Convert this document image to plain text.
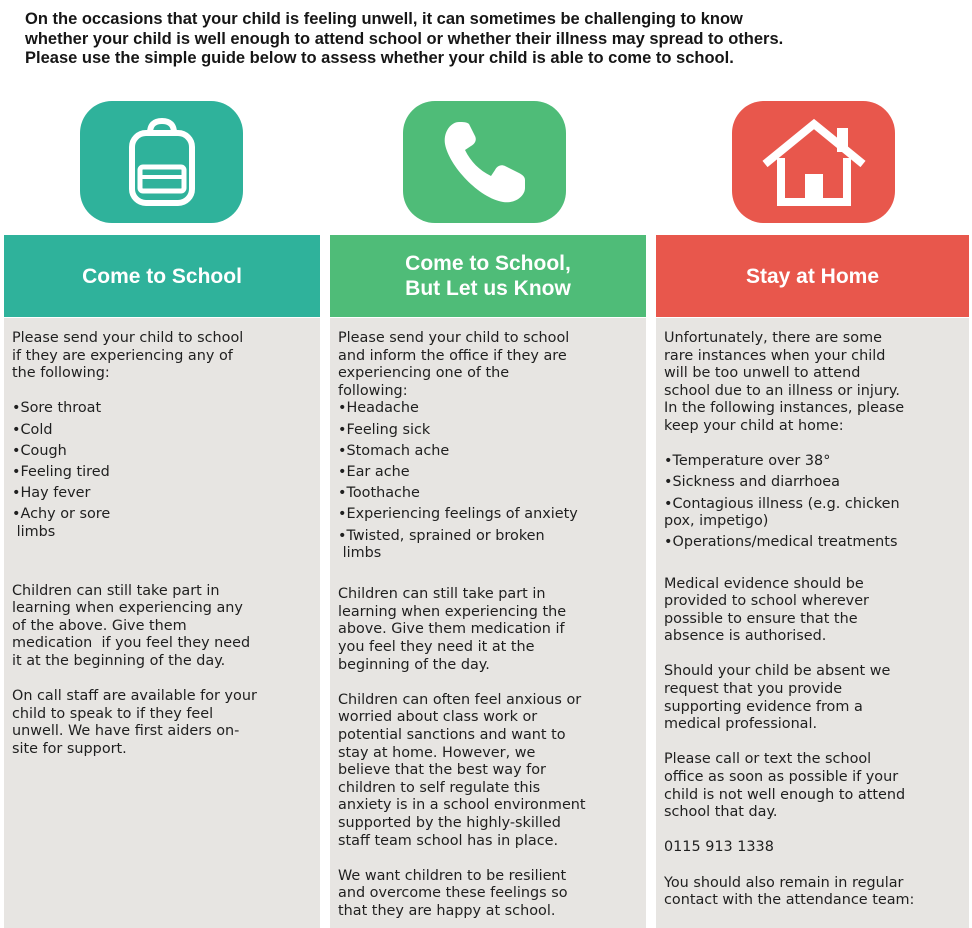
On the occasions that your child is feeling unwell, it can sometimes be challenging to know
whether your child is well enough to attend school or whether their illness may spread to others.
Please use the simple guide below to assess whether your child is able to come to school.
Come to School
Come to School,
But Let us Know
Stay at Home

Please send your child to school
if they are experiencing any of
the following:

•Sore throat
•Cold
•Cough
•Feeling tired
•Hay fever
•Achy or sore
limbs

Children can still take part in
learning when experiencing any
of the above. Give them
medication  if you feel they need
it at the beginning of the day.

On call staff are available for your
child to speak to if they feel
unwell. We have first aiders on-
site for support.

Please send your child to school
and inform the office if they are
experiencing one of the
following:

•Headache
•Feeling sick
•Stomach ache
•Ear ache
•Toothache
•Experiencing feelings of anxiety
•Twisted, sprained or broken
limbs

Children can still take part in
learning when experiencing the
above. Give them medication if
you feel they need it at the
beginning of the day.

Children can often feel anxious or
worried about class work or
potential sanctions and want to
stay at home. However, we
believe that the best way for
children to self regulate this
anxiety is in a school environment
supported by the highly-skilled
staff team school has in place.

We want children to be resilient
and overcome these feelings so
that they are happy at school.

Unfortunately, there are some
rare instances when your child
will be too unwell to attend
school due to an illness or injury.
In the following instances, please
keep your child at home:

•Temperature over 38°
•Sickness and diarrhoea
•Contagious illness (e.g. chicken
pox, impetigo)
•Operations/medical treatments

Medical evidence should be
provided to school wherever
possible to ensure that the
absence is authorised.

Should your child be absent we
request that you provide
supporting evidence from a
medical professional.

Please call or text the school
office as soon as possible if your
child is not well enough to attend
school that day.

0115 913 1338

You should also remain in regular
contact with the attendance team:
